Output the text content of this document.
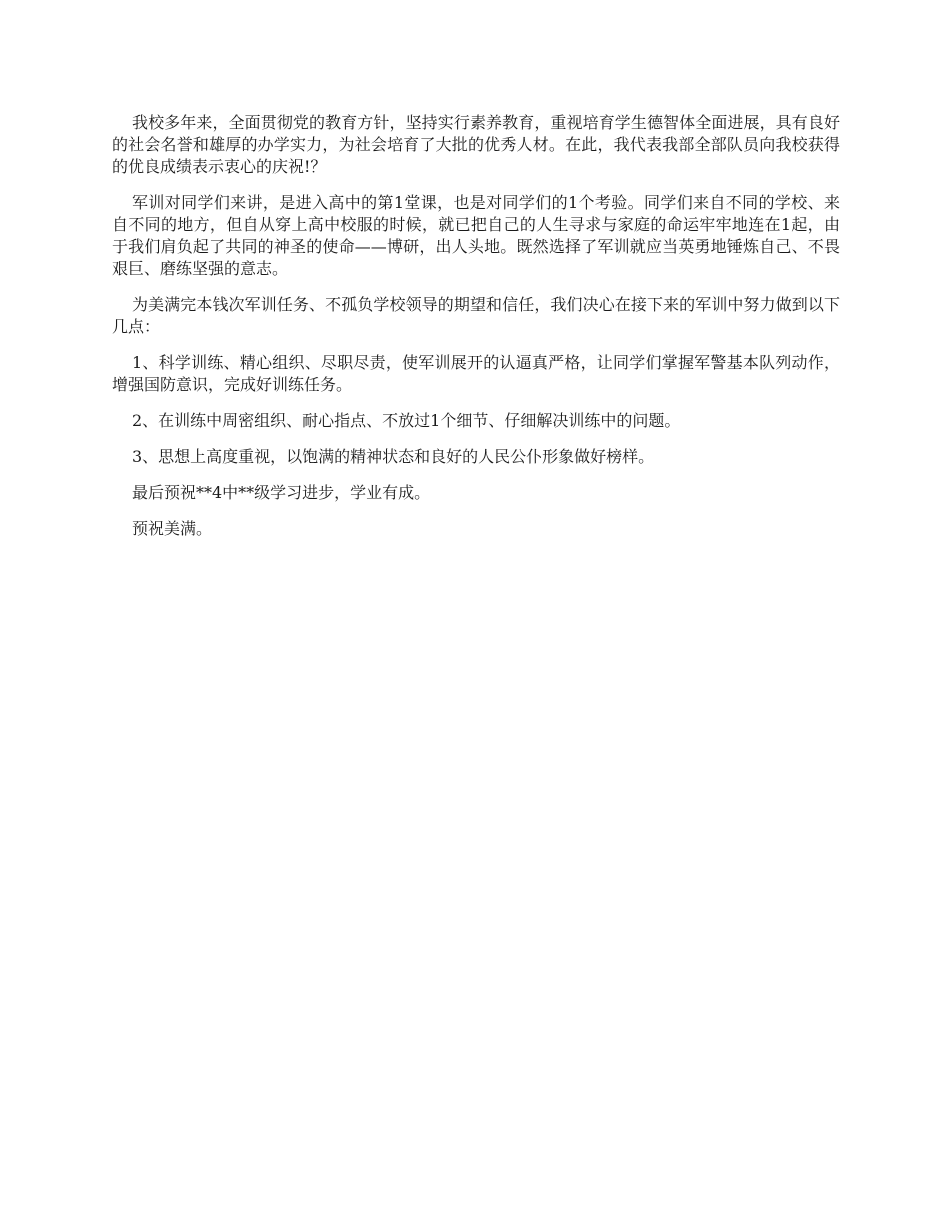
我校多年来，全面贯彻党的教育方针，坚持实行素养教育，重视培育学生德智体全面进展，具有良好的社会名誉和雄厚的办学实力，为社会培育了大批的优秀人材。在此，我代表我部全部队员向我校获得的优良成绩表示衷心的庆祝!？

军训对同学们来讲，是进入高中的第1堂课，也是对同学们的1个考验。同学们来自不同的学校、来自不同的地方，但自从穿上高中校服的时候，就已把自己的人生寻求与家庭的命运牢牢地连在1起，由于我们肩负起了共同的神圣的使命——博研，出人头地。既然选择了军训就应当英勇地锤炼自己、不畏艰巨、磨练坚强的意志。

为美满完本钱次军训任务、不孤负学校领导的期望和信任，我们决心在接下来的军训中努力做到以下几点：

1、科学训练、精心组织、尽职尽责，使军训展开的认逼真严格，让同学们掌握军警基本队列动作，增强国防意识，完成好训练任务。

2、在训练中周密组织、耐心指点、不放过1个细节、仔细解决训练中的问题。

3、思想上高度重视，以饱满的精神状态和良好的人民公仆形象做好榜样。

最后预祝**4中**级学习进步，学业有成。

预祝美满。
